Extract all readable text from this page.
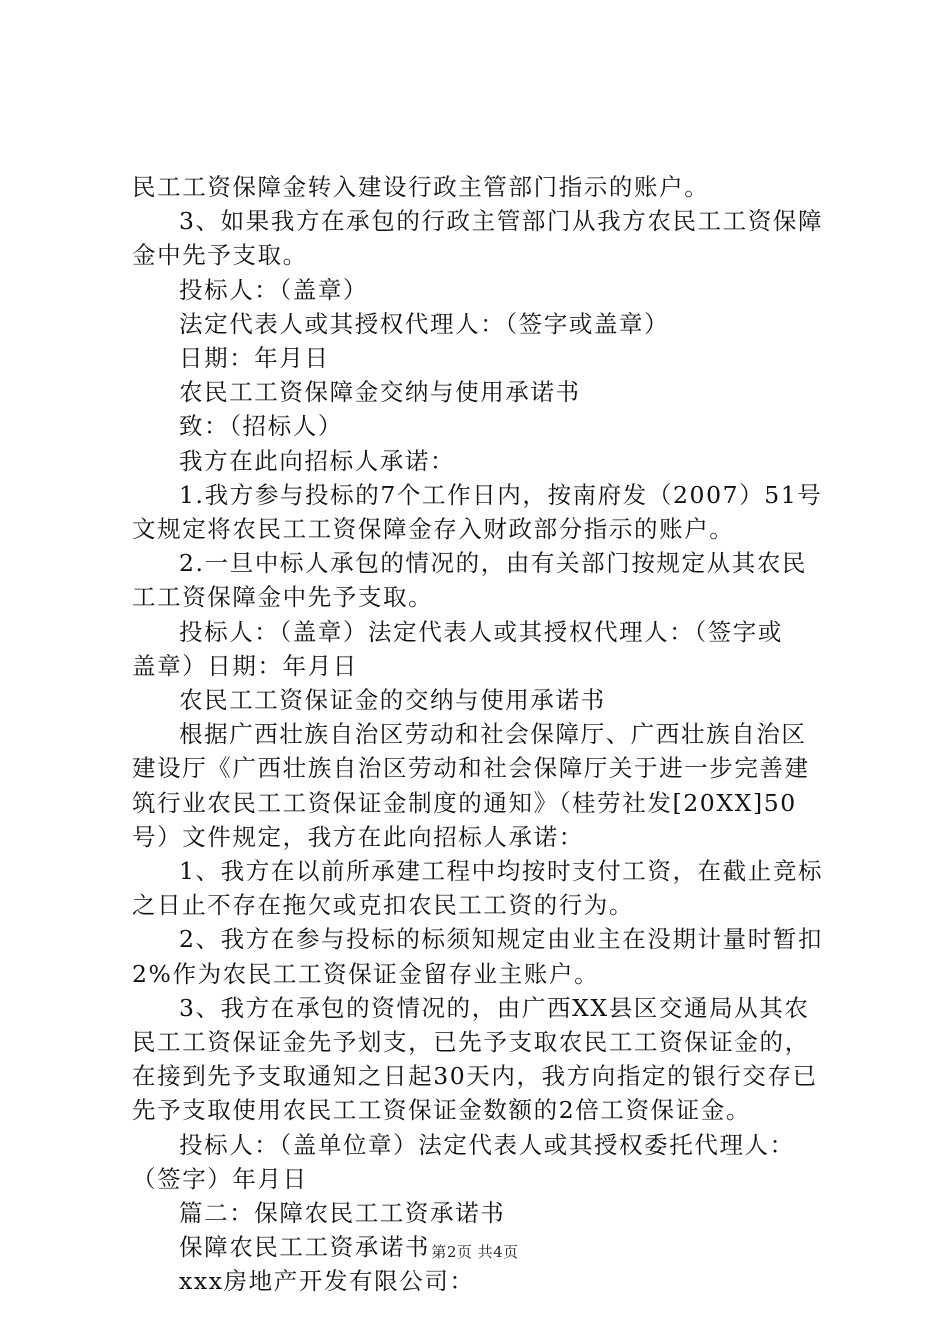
民工工资保障金转入建设行政主管部门指示的账户。
3、如果我方在承包的行政主管部门从我方农民工工资保障
金中先予支取。
投标人：（盖章）
法定代表人或其授权代理人：（签字或盖章）
日期：年月日
农民工工资保障金交纳与使用承诺书
致：（招标人）
我方在此向招标人承诺：
1.我方参与投标的7个工作日内，按南府发（2007）51号
文规定将农民工工资保障金存入财政部分指示的账户。
2.一旦中标人承包的情况的，由有关部门按规定从其农民
工工资保障金中先予支取。
投标人：（盖章）法定代表人或其授权代理人：（签字或
盖章）日期：年月日
农民工工资保证金的交纳与使用承诺书
根据广西壮族自治区劳动和社会保障厅、广西壮族自治区
建设厅《广西壮族自治区劳动和社会保障厅关于进一步完善建
筑行业农民工工资保证金制度的通知》（桂劳社发[20XX]50
号）文件规定，我方在此向招标人承诺：
1、我方在以前所承建工程中均按时支付工资，在截止竞标
之日止不存在拖欠或克扣农民工工资的行为。
2、我方在参与投标的标须知规定由业主在没期计量时暂扣
2%作为农民工工资保证金留存业主账户。
3、我方在承包的资情况的，由广西XX县区交通局从其农
民工工资保证金先予划支，已先予支取农民工工资保证金的，
在接到先予支取通知之日起30天内，我方向指定的银行交存已
先予支取使用农民工工资保证金数额的2倍工资保证金。
投标人：（盖单位章）法定代表人或其授权委托代理人：
（签字）年月日
篇二：保障农民工工资承诺书
保障农民工工资承诺书
xxx房地产开发有限公司：
第2页 共4页
